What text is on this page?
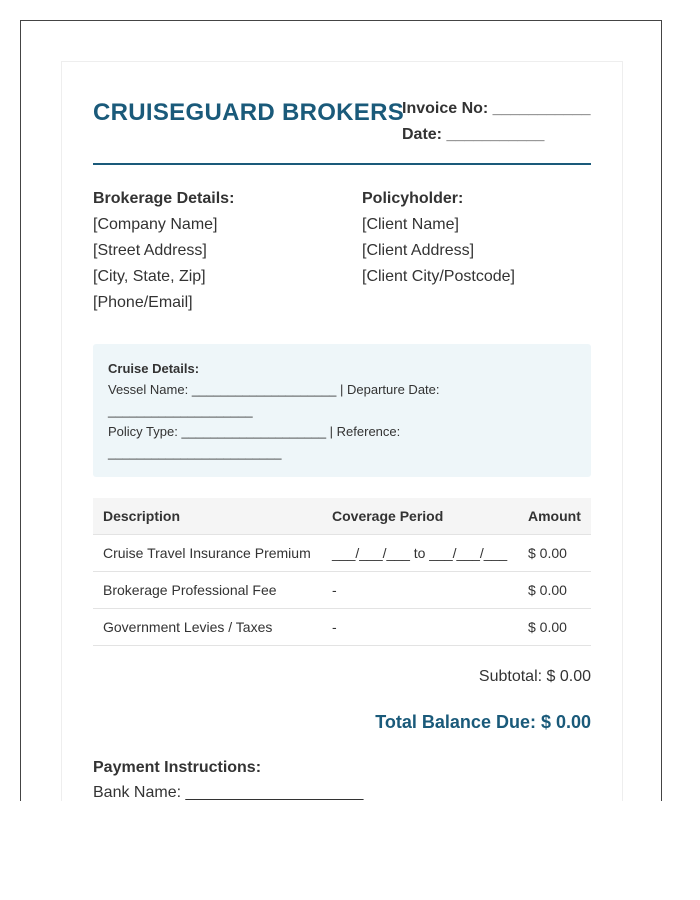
CRUISEGUARD BROKERS
Invoice No: ___________
Date: ___________
Brokerage Details:
[Company Name]
[Street Address]
[City, State, Zip]
[Phone/Email]
Policyholder:
[Client Name]
[Client Address]
[Client City/Postcode]
Cruise Details:
Vessel Name: ____________________ | Departure Date:
____________________
Policy Type: ____________________ | Reference:
________________________
Description	Coverage Period	Amount
Cruise Travel Insurance Premium	___/___/___ to ___/___/___	$ 0.00
Brokerage Professional Fee	-	$ 0.00
Government Levies / Taxes	-	$ 0.00
Subtotal: $ 0.00
Total Balance Due: $ 0.00
Payment Instructions:
Bank Name: ____________________
